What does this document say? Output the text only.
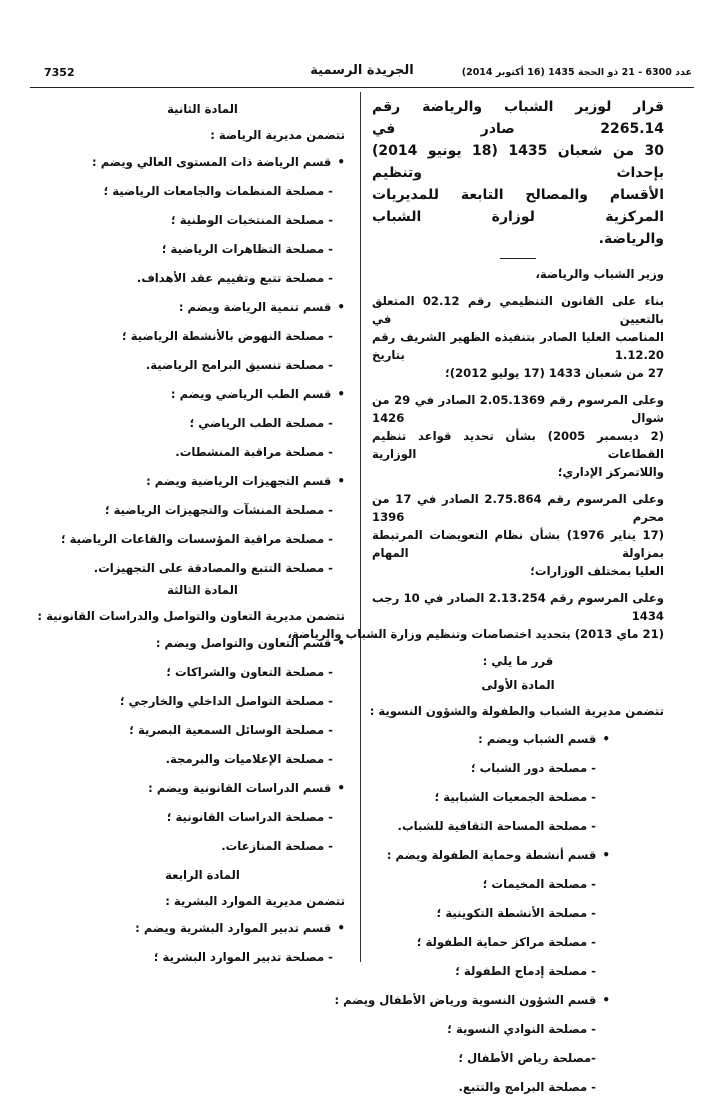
7352	الجريدة الرسمية	عدد 6300 - 21 ذو الحجة 1435 (16 أكتوبر 2014)
قرار لوزير الشباب والرياضة رقم 2265.14 صادر في
30 من شعبان 1435 (18 يونيو 2014) بإحداث وتنظيم
الأقسام والمصالح التابعة للمديريات المركزية لوزارة الشباب
والرياضة.
وزير الشباب والرياضة،
بناء على القانون التنظيمي رقم 02.12 المتعلق بالتعيين في
المناصب العليا الصادر بتنفيذه الظهير الشريف رقم 1.12.20 بتاريخ
27 من شعبان 1433 (17 يوليو 2012)؛
وعلى المرسوم رقم 2.05.1369 الصادر في 29 من شوال 1426
(2 ديسمبر 2005) بشأن تحديد قواعد تنظيم القطاعات الوزارية
واللاتمركز الإداري؛
وعلى المرسوم رقم 2.75.864 الصادر في 17 من محرم 1396
(17 يناير 1976) بشأن نظام التعويضات المرتبطة بمزاولة المهام
العليا بمختلف الوزارات؛
وعلى المرسوم رقم 2.13.254 الصادر في 10 رجب 1434
(21 ماي 2013) بتحديد اختصاصات وتنظيم وزارة الشباب والرياضة،
قرر ما يلي :
المادة الأولى
تتضمن مديرية الشباب والطفولة والشؤون النسوية :
• قسم الشباب ويضم :
- مصلحة دور الشباب ؛
- مصلحة الجمعيات الشبابية ؛
- مصلحة المساحة الثقافية للشباب.
• قسم أنشطة وحماية الطفولة ويضم :
- مصلحة المخيمات ؛
- مصلحة الأنشطة التكوينية ؛
- مصلحة مراكز حماية الطفولة ؛
- مصلحة إدماج الطفولة ؛
• قسم الشؤون النسوية ورياض الأطفال ويضم :
- مصلحة النوادي النسوية ؛
-مصلحة رياض الأطفال ؛
- مصلحة البرامج والتتبع.
المادة الثانية
تتضمن مديرية الرياضة :
• قسم الرياضة ذات المستوى العالي ويضم :
- مصلحة المنظمات والجامعات الرياضية ؛
- مصلحة المنتخبات الوطنية ؛
- مصلحة التظاهرات الرياضية ؛
- مصلحة تتبع وتقييم عقد الأهداف.
• قسم تنمية الرياضة ويضم :
- مصلحة النهوض بالأنشطة الرياضية ؛
- مصلحة تنسيق البرامج الرياضية.
• قسم الطب الرياضي ويضم :
- مصلحة الطب الرياضي ؛
- مصلحة مراقبة المنشطات.
• قسم التجهيزات الرياضية ويضم :
- مصلحة المنشآت والتجهيزات الرياضية ؛
- مصلحة مراقبة المؤسسات والقاعات الرياضية ؛
- مصلحة التتبع والمصادقة على التجهيزات.
المادة الثالثة
تتضمن مديرية التعاون والتواصل والدراسات القانونية :
• قسم التعاون والتواصل ويضم :
- مصلحة التعاون والشراكات ؛
- مصلحة التواصل الداخلي والخارجي ؛
- مصلحة الوسائل السمعية البصرية ؛
- مصلحة الإعلاميات والبرمجة.
• قسم الدراسات القانونية ويضم :
- مصلحة الدراسات القانونية ؛
- مصلحة المنازعات.
المادة الرابعة
تتضمن مديرية الموارد البشرية :
• قسم تدبير الموارد البشرية ويضم :
- مصلحة تدبير الموارد البشرية ؛
